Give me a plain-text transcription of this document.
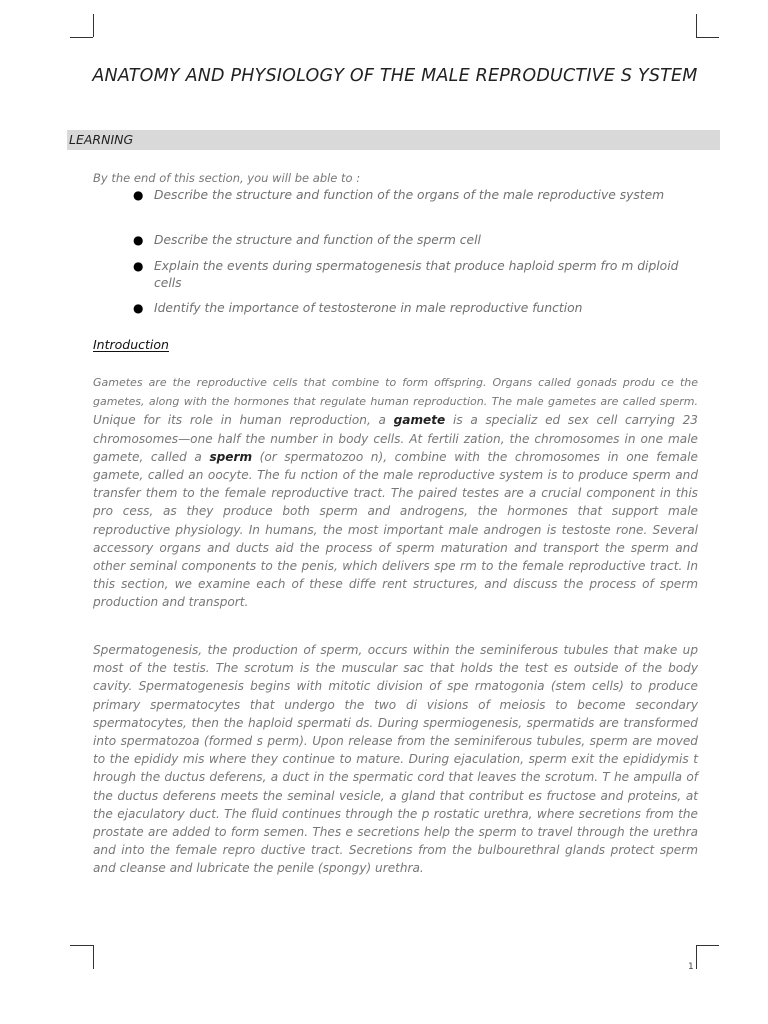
ANATOMY AND PHYSIOLOGY OF THE MALE REPRODUCTIVE S YSTEM
LEARNING
By the end of this section, you will be able to :
● Describe the structure and function of the organs of the male reproductive system
● Describe the structure and function of the sperm cell
● Explain the events during spermatogenesis that produce haploid sperm fro m diploid cells
● Identify the importance of testosterone in male reproductive function
Introduction

Gametes are the reproductive cells that combine to form offspring. Organs called gonads produ ce the gametes, along with the hormones that regulate human reproduction. The male gametes are called sperm. Unique for its role in human reproduction, a gamete is a specializ ed sex cell carrying 23 chromosomes—one half the number in body cells. At fertili zation, the chromosomes in one male gamete, called a sperm (or spermatozoo n), combine with the chromosomes in one female gamete, called an oocyte. The fu nction of the male reproductive system is to produce sperm and transfer them to the female reproductive tract. The paired testes are a crucial component in this pro cess, as they produce both sperm and androgens, the hormones that support male reproductive physiology. In humans, the most important male androgen is testoste rone. Several accessory organs and ducts aid the process of sperm maturation and transport the sperm and other seminal components to the penis, which delivers spe rm to the female reproductive tract. In this section, we examine each of these diffe rent structures, and discuss the process of sperm production and transport.

Spermatogenesis, the production of sperm, occurs within the seminiferous tubules that make up most of the testis. The scrotum is the muscular sac that holds the test es outside of the body cavity. Spermatogenesis begins with mitotic division of spe rmatogonia (stem cells) to produce primary spermatocytes that undergo the two di visions of meiosis to become secondary spermatocytes, then the haploid spermati ds. During spermiogenesis, spermatids are transformed into spermatozoa (formed s perm). Upon release from the seminiferous tubules, sperm are moved to the epididy mis where they continue to mature. During ejaculation, sperm exit the epididymis t hrough the ductus deferens, a duct in the spermatic cord that leaves the scrotum. T he ampulla of the ductus deferens meets the seminal vesicle, a gland that contribut es fructose and proteins, at the ejaculatory duct. The fluid continues through the p rostatic urethra, where secretions from the prostate are added to form semen. Thes e secretions help the sperm to travel through the urethra and into the female repro ductive tract. Secretions from the bulbourethral glands protect sperm and cleanse and lubricate the penile (spongy) urethra.

1
